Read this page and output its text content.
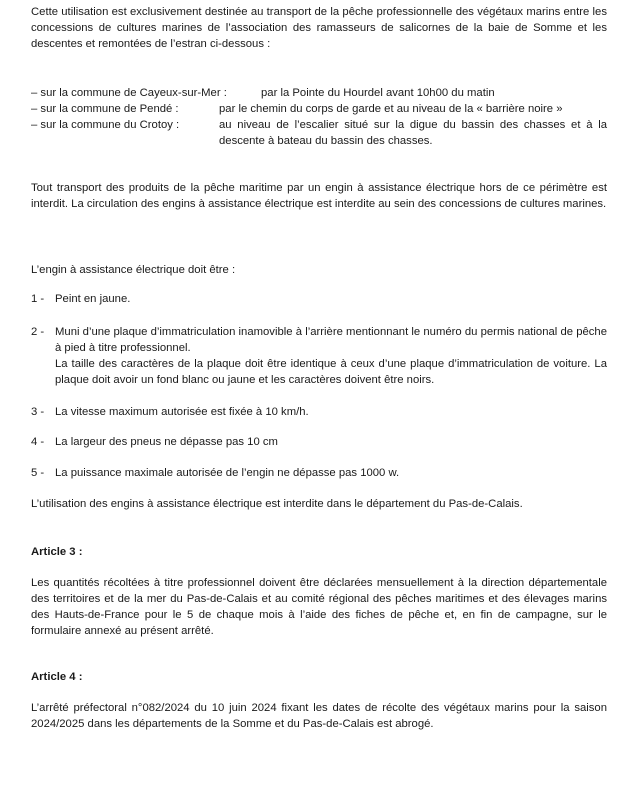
Cette utilisation est exclusivement destinée au transport de la pêche professionnelle des végétaux marins entre les concessions de cultures marines de l’association des ramasseurs de salicornes de la baie de Somme et les descentes et remontées de l’estran ci-dessous :

– sur la commune de Cayeux-sur-Mer :	par la Pointe du Hourdel avant 10h00 du matin
– sur la commune de Pendé :	par le chemin du corps de garde et au niveau de la « barrière noire »
– sur la commune du Crotoy :	au niveau de l’escalier situé sur la digue du bassin des chasses et à la descente à bateau du bassin des chasses.

Tout transport des produits de la pêche maritime par un engin à assistance électrique hors de ce périmètre est interdit. La circulation des engins à assistance électrique est interdite au sein des concessions de cultures marines.

L’engin à assistance électrique doit être :

1 - Peint en jaune.
2 - Muni d’une plaque d’immatriculation inamovible à l’arrière mentionnant le numéro du permis national de pêche à pied à titre professionnel.
La taille des caractères de la plaque doit être identique à ceux d’une plaque d’immatriculation de voiture. La plaque doit avoir un fond blanc ou jaune et les caractères doivent être noirs.
3 - La vitesse maximum autorisée est fixée à 10 km/h.
4 - La largeur des pneus ne dépasse pas 10 cm
5 - La puissance maximale autorisée de l’engin ne dépasse pas 1000 w.

L’utilisation des engins à assistance électrique est interdite dans le département du Pas-de-Calais.

Article 3 :

Les quantités récoltées à titre professionnel doivent être déclarées mensuellement à la direction départementale des territoires et de la mer du Pas-de-Calais et au comité régional des pêches maritimes et des élevages marins des Hauts-de-France pour le 5 de chaque mois à l’aide des fiches de pêche et, en fin de campagne, sur le formulaire annexé au présent arrêté.

Article 4 :

L’arrêté préfectoral n°082/2024 du 10 juin 2024 fixant les dates de récolte des végétaux marins pour la saison 2024/2025 dans les départements de la Somme et du Pas-de-Calais est abrogé.
